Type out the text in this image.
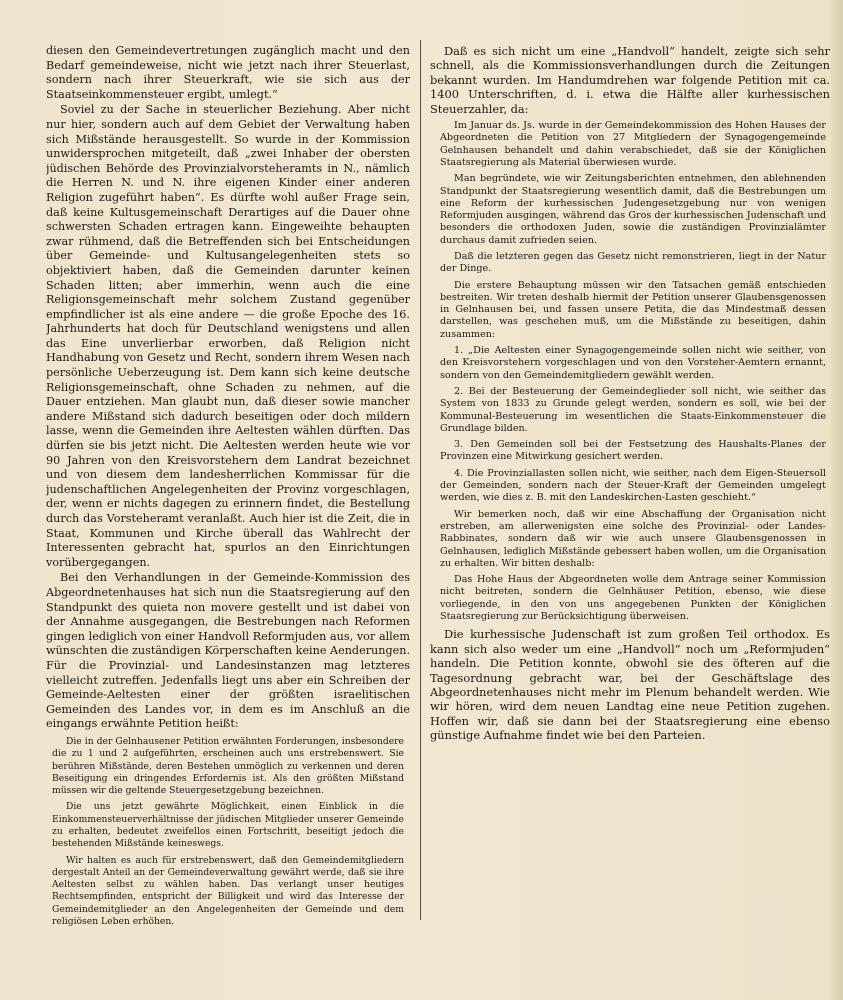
diesen den Gemeindevertretungen zugänglich macht und den Bedarf gemeindeweise, nicht wie jetzt nach ihrer Steuerlast, sondern nach ihrer Steuerkraft, wie sie sich aus der Staatseinkommensteuer ergibt, umlegt.“

Soviel zu der Sache in steuerlicher Beziehung. Aber nicht nur hier, sondern auch auf dem Gebiet der Verwaltung haben sich Mißstände herausgestellt. So wurde in der Kommission unwidersprochen mitgeteilt, daß „zwei Inhaber der obersten jüdischen Behörde des Provinzialvorsteheramts in N., nämlich die Herren N. und N. ihre eigenen Kinder einer anderen Religion zugeführt haben“. Es dürfte wohl außer Frage sein, daß keine Kultusgemeinschaft Derartiges auf die Dauer ohne schwersten Schaden ertragen kann. Eingeweihte behaupten zwar rühmend, daß die Betreffenden sich bei Entscheidungen über Gemeinde- und Kultusangelegenheiten stets so objektiviert haben, daß die Gemeinden darunter keinen Schaden litten; aber immerhin, wenn auch die eine Religionsgemeinschaft mehr solchem Zustand gegenüber empfindlicher ist als eine andere — die große Epoche des 16. Jahrhunderts hat doch für Deutschland wenigstens und allen das Eine unverlierbar erworben, daß Religion nicht Handhabung von Gesetz und Recht, sondern ihrem Wesen nach persönliche Ueberzeugung ist. Dem kann sich keine deutsche Religionsgemeinschaft, ohne Schaden zu nehmen, auf die Dauer entziehen. Man glaubt nun, daß dieser sowie mancher andere Mißstand sich dadurch beseitigen oder doch mildern lasse, wenn die Gemeinden ihre Aeltesten wählen dürften. Das dürfen sie bis jetzt nicht. Die Aeltesten werden heute wie vor 90 Jahren von den Kreisvorstehern dem Landrat bezeichnet und von diesem dem landesherrlichen Kommissar für die judenschaftlichen Angelegenheiten der Provinz vorgeschlagen, der, wenn er nichts dagegen zu erinnern findet, die Bestellung durch das Vorsteheramt veranlaßt. Auch hier ist die Zeit, die in Staat, Kommunen und Kirche überall das Wahlrecht der Interessenten gebracht hat, spurlos an den Einrichtungen vorübergegangen.

Bei den Verhandlungen in der Gemeinde-Kommission des Abgeordnetenhauses hat sich nun die Staatsregierung auf den Standpunkt des quieta non movere gestellt und ist dabei von der Annahme ausgegangen, die Bestrebungen nach Reformen gingen lediglich von einer Handvoll Reformjuden aus, vor allem wünschten die zuständigen Körperschaften keine Aenderungen. Für die Provinzial- und Landesinstanzen mag letzteres vielleicht zutreffen. Jedenfalls liegt uns aber ein Schreiben der Gemeinde-Aeltesten einer der größten israelitischen Gemeinden des Landes vor, in dem es im Anschluß an die eingangs erwähnte Petition heißt:

Die in der Gelnhausener Petition erwähnten Forderungen, insbesondere die zu 1 und 2 aufgeführten, erscheinen auch uns erstrebenswert. Sie berühren Mißstände, deren Bestehen unmöglich zu verkennen und deren Beseitigung ein dringendes Erfordernis ist. Als den größten Mißstand müssen wir die geltende Steuergesetzgebung bezeichnen.

Die uns jetzt gewährte Möglichkeit, einen Einblick in die Einkommensteuerverhältnisse der jüdischen Mitglieder unserer Gemeinde zu erhalten, bedeutet zweifellos einen Fortschritt, beseitigt jedoch die bestehenden Mißstände keineswegs.

Wir halten es auch für erstrebenswert, daß den Gemeindemitgliedern dergestalt Anteil an der Gemeindeverwaltung gewährt werde, daß sie ihre Aeltesten selbst zu wählen haben. Das verlangt unser heutiges Rechtsempfinden, entspricht der Billigkeit und wird das Interesse der Gemeindemitglieder an den Angelegenheiten der Gemeinde und dem religiösen Leben erhöhen.

Daß es sich nicht um eine „Handvoll“ handelt, zeigte sich sehr schnell, als die Kommissionsverhandlungen durch die Zeitungen bekannt wurden. Im Handumdrehen war folgende Petition mit ca. 1400 Unterschriften, d. i. etwa die Hälfte aller kurhessischen Steuerzahler, da:

Im Januar ds. Js. wurde in der Gemeindekommission des Hohen Hauses der Abgeordneten die Petition von 27 Mitgliedern der Synagogengemeinde Gelnhausen behandelt und dahin verabschiedet, daß sie der Königlichen Staatsregierung als Material überwiesen wurde.

Man begründete, wie wir Zeitungsberichten entnehmen, den ablehnenden Standpunkt der Staatsregierung wesentlich damit, daß die Bestrebungen um eine Reform der kurhessischen Judengesetzgebung nur von wenigen Reformjuden ausgingen, während das Gros der kurhessischen Judenschaft und besonders die orthodoxen Juden, sowie die zuständigen Provinzialämter durchaus damit zufrieden seien.

Daß die letzteren gegen das Gesetz nicht remonstrieren, liegt in der Natur der Dinge.

Die erstere Behauptung müssen wir den Tatsachen gemäß entschieden bestreiten. Wir treten deshalb hiermit der Petition unserer Glaubensgenossen in Gelnhausen bei, und fassen unsere Petita, die das Mindestmaß dessen darstellen, was geschehen muß, um die Mißstände zu beseitigen, dahin zusammen:

1. „Die Aeltesten einer Synagogengemeinde sollen nicht wie seither, von den Kreisvorstehern vorgeschlagen und von den Vorsteher-Aemtern ernannt, sondern von den Gemeindemitgliedern gewählt werden.

2. Bei der Besteuerung der Gemeindeglieder soll nicht, wie seither das System von 1833 zu Grunde gelegt werden, sondern es soll, wie bei der Kommunal-Besteuerung im wesentlichen die Staats-Einkommensteuer die Grundlage bilden.

3. Den Gemeinden soll bei der Festsetzung des Haushalts-Planes der Provinzen eine Mitwirkung gesichert werden.

4. Die Provinziallasten sollen nicht, wie seither, nach dem Eigen-Steuersoll der Gemeinden, sondern nach der Steuer-Kraft der Gemeinden umgelegt werden, wie dies z. B. mit den Landeskirchen-Lasten geschieht.“

Wir bemerken noch, daß wir eine Abschaffung der Organisation nicht erstreben, am allerwenigsten eine solche des Provinzial- oder Landes-Rabbinates, sondern daß wir wie auch unsere Glaubensgenossen in Gelnhausen, lediglich Mißstände gebessert haben wollen, um die Organisation zu erhalten. Wir bitten deshalb:

Das Hohe Haus der Abgeordneten wolle dem Antrage seiner Kommission nicht beitreten, sondern die Gelnhäuser Petition, ebenso, wie diese vorliegende, in den von uns angegebenen Punkten der Königlichen Staatsregierung zur Berücksichtigung überweisen.

Die kurhessische Judenschaft ist zum großen Teil orthodox. Es kann sich also weder um eine „Handvoll“ noch um „Reformjuden“ handeln. Die Petition konnte, obwohl sie des öfteren auf die Tagesordnung gebracht war, bei der Geschäftslage des Abgeordnetenhauses nicht mehr im Plenum behandelt werden. Wie wir hören, wird dem neuen Landtag eine neue Petition zugehen. Hoffen wir, daß sie dann bei der Staatsregierung eine ebenso günstige Aufnahme findet wie bei den Parteien.
